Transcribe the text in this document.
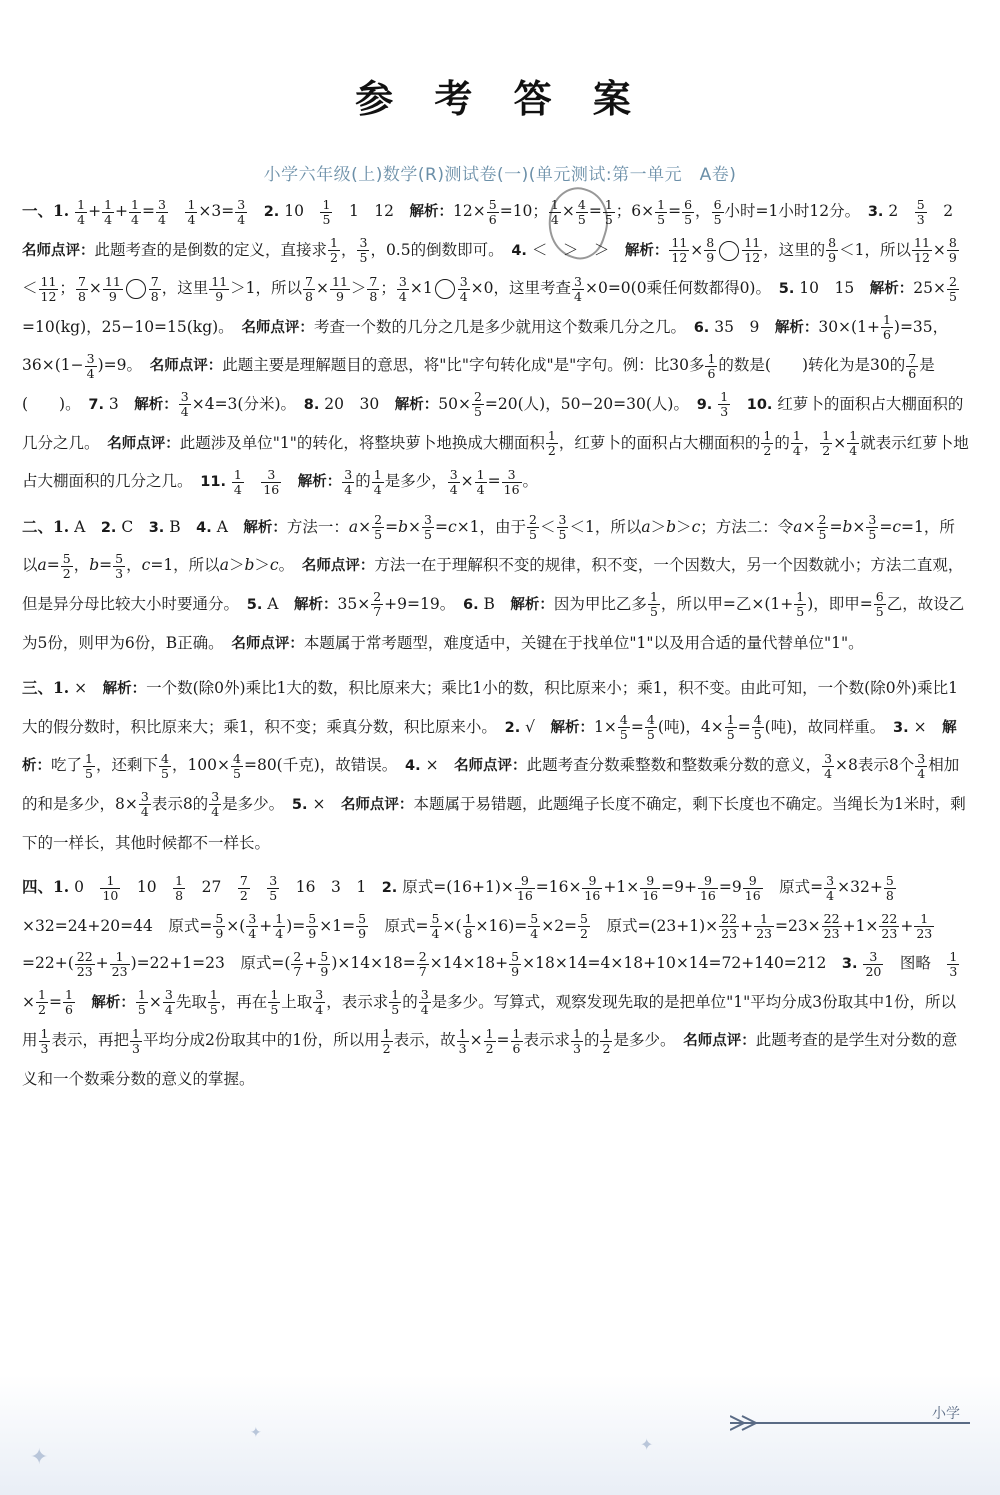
参 考 答 案
小学六年级(上)数学(R)测试卷(一)(单元测试:第一单元　A卷)

一、1. $\frac{1}{4} + \frac{1}{4} + \frac{1}{4} = \frac{3}{4}$
　 $\frac{1}{4} \times 3= \frac{3}{4}$
　 2. 10　 $\frac{1}{5}$ 　1　12　解析：$12\times \frac{5}{6} =10$； $\frac{1}{4} \times \frac{4}{5} = \frac{1}{5}$ ；$6\times \frac{1}{5} = \frac{6}{5}$ ， $\frac{6}{5}$ 小时=1小时12分。　3. 2　 $\frac{5}{3}$ 　2　名师点评：此题考查的是倒数的定义，直接求 $\frac{1}{2}$ ， $\frac{3}{5}$ ，0.5的倒数即可。　4. ＜　＞　＞　解析： $\frac{11}{12} \times \frac{8}{9} \frac{11}{12}$ ，这里的 $\frac{8}{9} <1$，所以 $\frac{11}{12} \times \frac{8}{9}$
＜ $\frac{11}{12}$ ； $\frac{7}{8} \times \frac{11}{9} \frac{7}{8}$ ，这里 $\frac{11}{9} >1$，所以 $\frac{7}{8} \times \frac{11}{9} > \frac{7}{8}$ ； $\frac{3}{4} \times 1 \frac{3}{4} \times 0$，这里考查 $\frac{3}{4} \times 0=0(0$乘任何数都得0)。　5. 10　15　解析：$25\times \frac{2}{5}$
=10(kg)，25−10=15(kg)。　名师点评：考查一个数的几分之几是多少就用这个数乘几分之几。　6. 35　9　解析：$30\times(1+ \frac{1}{6} )=35$，$36\times(1- \frac{3}{4} )=9$。　名师点评：此题主要是理解题目的意思，将"比"字句转化成"是"字句。例：比30多 $\frac{1}{6}$ 的数是(　　)转化为是30的 $\frac{7}{6}$ 是(　　)。　7. 3　解析： $\frac{3}{4} \times 4=3$(分米)。　8. 20　30　解析：$50\times \frac{2}{5} =20$(人)，50−20=30(人)。　9. $\frac{1}{3}$
　 10. 红萝卜的面积占大棚面积的几分之几。　名师点评：此题涉及单位"1"的转化，将整块萝卜地换成大棚面积 $\frac{1}{2}$ ，红萝卜的面积占大棚面积的 $\frac{1}{2}$ 的 $\frac{1}{4}$ ， $\frac{1}{2} \times \frac{1}{4}$ 就表示红萝卜地占大棚面积的几分之几。　11. $\frac{1}{4}$
　 $\frac{3}{16}$
　 解析： $\frac{3}{4}$ 的 $\frac{1}{4}$ 是多少， $\frac{3}{4} \times \frac{1}{4} = \frac{3}{16}$ 。

二、1. A　2. C　3. B　4. A　解析：方法一：$a\times \frac{2}{5} =b\times \frac{3}{5} =c\times 1$，由于 $\frac{2}{5} < \frac{3}{5} <1$，所以a＞b＞c；方法二：令$a\times \frac{2}{5} =b\times \frac{3}{5} =c=1$，所以$a= \frac{5}{2}$ ，$b= \frac{5}{3}$ ，c=1，所以a＞b＞c。　名师点评：方法一在于理解积不变的规律，积不变，一个因数大，另一个因数就小；方法二直观，但是异分母比较大小时要通分。　5. A　解析：$35\times \frac{2}{7} +9=19$。　6. B　解析：因为甲比乙多 $\frac{1}{5}$ ，所以甲=乙$\times(1+ \frac{1}{5}$ )，即甲= $\frac{6}{5}$ 乙，故设乙为5份，则甲为6份，B正确。　名师点评：本题属于常考题型，难度适中，关键在于找单位"1"以及用合适的量代替单位"1"。

三、1. ×　解析：一个数(除0外)乘比1大的数，积比原来大；乘比1小的数，积比原来小；乘1，积不变。由此可知，一个数(除0外)乘比1大的假分数时，积比原来大；乘1，积不变；乘真分数，积比原来小。　2. √　解析：$1\times \frac{4}{5} = \frac{4}{5}$ (吨)，$4\times \frac{1}{5} = \frac{4}{5}$ (吨)，故同样重。　3. ×　解析：吃了 $\frac{1}{5}$ ，还剩下 $\frac{4}{5}$ ，$100\times \frac{4}{5} =80$(千克)，故错误。　4. ×　名师点评：此题考查分数乘整数和整数乘分数的意义， $\frac{3}{4} \times 8$表示8个 $\frac{3}{4}$ 相加的和是多少，$8\times \frac{3}{4}$ 表示8的 $\frac{3}{4}$ 是多少。　5. ×　名师点评：本题属于易错题，此题绳子长度不确定，剩下长度也不确定。当绳长为1米时，剩下的一样长，其他时候都不一样长。

四、1. 0　 $\frac{1}{10}$ 　10　 $\frac{1}{8}$ 　27　 $\frac{7}{2}$
　 $\frac{3}{5}$ 　16　3　1　2. 原式$=(16+1)\times \frac{9}{16} =16\times \frac{9}{16} +1\times \frac{9}{16} =9+ \frac{9}{16} =9 \frac{9}{16}$ 　原式= $\frac{3}{4} \times 32+ \frac{5}{8}$
×32=24+20=44　原式= $\frac{5}{9}$ ×( $\frac{3}{4} + \frac{1}{4}$ )= $\frac{5}{9} \times 1= \frac{5}{9}$ 　原式= $\frac{5}{4}$ ×( $\frac{1}{8} \times 16)= \frac{5}{4} \times 2= \frac{5}{2}$ 　原式$=(23+1)\times \frac{22}{23} + \frac{1}{23} =23\times \frac{22}{23} +1\times \frac{22}{23} + \frac{1}{23}$
$=22+( \frac{22}{23} + \frac{1}{23} )=22+1=23$　原式=( $\frac{2}{7} + \frac{5}{9} )\times 14\times 18= \frac{2}{7} \times 14\times 18+ \frac{5}{9} \times 18\times 14=4\times 18+10\times 14=72+140=212$　3. $\frac{3}{20}$ 　图略　 $\frac{1}{3}$
× $\frac{1}{2} = \frac{1}{6}$
　 解析： $\frac{1}{5} \times \frac{3}{4}$ 先取 $\frac{1}{5}$ ，再在 $\frac{1}{5}$ 上取 $\frac{3}{4}$ ，表示求 $\frac{1}{5}$ 的 $\frac{3}{4}$ 是多少。写算式，观察发现先取的是把单位"1"平均分成3份取其中1份，所以用 $\frac{1}{3}$ 表示，再把 $\frac{1}{3}$ 平均分成2份取其中的1份，所以用 $\frac{1}{2}$ 表示，故 $\frac{1}{3} \times \frac{1}{2} = \frac{1}{6}$ 表示求 $\frac{1}{3}$ 的 $\frac{1}{2}$ 是多少。　名师点评：此题考查的是学生对分数的意义和一个数乘分数的意义的掌握。

小学
✦
✦
✦
